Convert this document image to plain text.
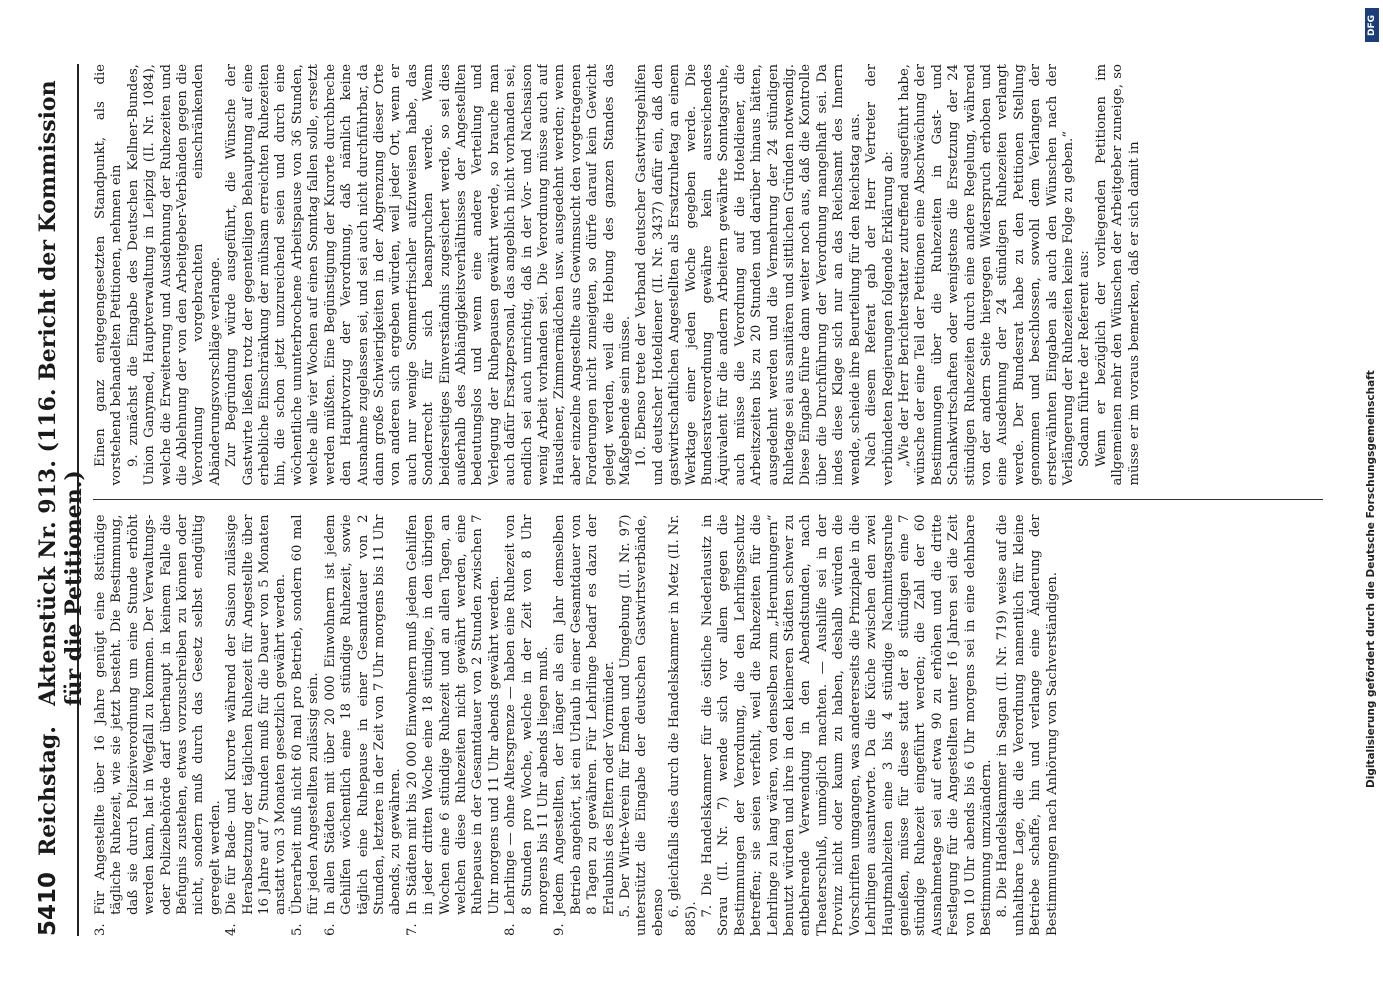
5410
Reichstag.
Aktenstück Nr. 913. (116. Bericht der Kommission für die Petitionen.)

3.
Für Angestellte über 16 Jahre genügt eine 8stündige tägliche Ruhezeit, wie sie jetzt besteht. Die Bestimmung, daß sie durch Polizeiverordnung um eine Stunde erhöht werden kann, hat in Wegfall zu kommen. Der Verwaltungs- oder Polizeibehörde darf überhaupt in keinem Falle die Befugnis zustehen, etwas vorzuschreiben zu können oder nicht, sondern muß durch das Gesetz selbst endgültig geregelt werden.

4.
Die für Bade- und Kurorte während der Saison zulässige Herabsetzung der täglichen Ruhezeit für Angestellte über 16 Jahre auf 7 Stunden muß für die Dauer von 5 Monaten anstatt von 3 Monaten gesetzlich gewährt werden.

5.
Überarbeit muß nicht 60 mal pro Betrieb, sondern 60 mal für jeden Angestellten zulässig sein.

6.
In allen Städten mit über 20 000 Einwohnern ist jedem Gehilfen wöchentlich eine 18 stündige Ruhezeit, sowie täglich eine Ruhepause in einer Gesamtdauer von 2 Stunden, letztere in der Zeit von 7 Uhr morgens bis 11 Uhr abends, zu gewähren.

7.
In Städten mit bis 20 000 Einwohnern muß jedem Gehilfen in jeder dritten Woche eine 18 stündige, in den übrigen Wochen eine 6 stündige Ruhezeit und an allen Tagen, an welchen diese Ruhezeiten nicht gewährt werden, eine Ruhepause in der Gesamtdauer von 2 Stunden zwischen 7 Uhr morgens und 11 Uhr abends gewährt werden.

8.
Lehrlinge — ohne Altersgrenze — haben eine Ruhezeit von 8 Stunden pro Woche, welche in der Zeit von 8 Uhr morgens bis 11 Uhr abends liegen muß.

9.
Jedem Angestellten, der länger als ein Jahr demselben Betrieb angehört, ist ein Urlaub in einer Gesamtdauer von 8 Tagen zu gewähren. Für Lehrlinge bedarf es dazu der Erlaubnis des Eltern oder Vormünder. 5. Der Wirte-Verein für Emden und Umgebung (II. Nr. 97) unterstützt die Eingabe der deutschen Gastwirtsverbände, ebenso 6. gleichfalls dies durch die Handelskammer in Metz (II. Nr. 885).

7. Die Handelskammer für die östliche Niederlausitz in Sorau (II. Nr. 7) wende sich vor allem gegen die Bestimmungen der Verordnung, die den Lehrlingsschutz betreffen; sie seien verfehlt, weil die Ruhezeiten für die Lehrlinge zu lang wären, von denselben zum „Herumlungern“ benutzt würden und ihre in den kleineren Städten schwer zu entbehrende Verwendung in den Abendstunden, nach Theaterschluß, unmöglich machten. — Aushilfe sei in der Provinz nicht oder kaum zu haben, deshalb würden die Vorschriften umgangen, was andererseits die Prinzipale in die Lehrlingen ausantworte. Da die Küche zwischen den zwei Hauptmahlzeiten eine 3 bis 4 stündige Nachmittagsruhe genießen, müsse für diese statt der 8 stündigen eine 7 stündige Ruhezeit eingeführt werden; die Zahl der 60 Ausnahmetage sei auf etwa 90 zu erhöhen und die dritte Festlegung für die Angestellten unter 16 Jahren sei die Zeit von 10 Uhr abends bis 6 Uhr morgens sei in eine dehnbare Bestimmung umzuändern. 8. Die Handelskammer in Sagan (II. Nr. 719) weise auf die unhaltbare Lage, die die Verordnung namentlich für kleine Betriebe schaffe, hin und verlange eine Änderung der Bestimmungen nach Anhörung von Sachverständigen.

Einen ganz entgegengesetzten Standpunkt, als die vorstehend behandelten Petitionen, nehmen ein 9. zunächst die Eingabe des Deutschen Kellner-Bundes, Union Ganymed, Hauptverwaltung in Leipzig (II. Nr. 1084), welche die Erweiterung und Ausdehnung der Ruhezeiten und die Ablehnung der von den Arbeitgeber-Verbänden gegen die Verordnung vorgebrachten einschränkenden Abänderungsvorschläge verlange. Zur Begründung würde ausgeführt, die Wünsche der Gastwirte ließen trotz der gegenteiligen Behauptung auf eine erhebliche Einschränkung der mühsam erreichten Ruhezeiten hin, die schon jetzt unzureichend seien und durch eine wöchentliche ununterbrochene Arbeitspause von 36 Stunden, welche alle vier Wochen auf einen Sonntag fallen solle, ersetzt werden müßten. Eine Begünstigung der Kurorte durchbreche den Hauptvorzug der Verordnung, daß nämlich keine Ausnahme zugelassen sei, und sei auch nicht durchführbar, da dann große Schwierigkeiten in der Abgrenzung dieser Orte von anderen sich ergeben würden, weil jeder Ort, wenn er auch nur wenige Sommerfrischler aufzuweisen habe, das Sonderrecht für sich beanspruchen werde. Wenn beiderseitiges Einverständnis zugesichert werde, so sei dies außerhalb des Abhängigkeitsverhältnisses der Angestellten bedeutungslos und wenn eine andere Verteilung und Verlegung der Ruhepausen gewährt werde, so brauche man auch dafür Ersatzpersonal, das angeblich nicht vorhanden sei, endlich sei auch unrichtig, daß in der Vor- und Nachsaison wenig Arbeit vorhanden sei. Die Verordnung müsse auch auf Hausdiener, Zimmermädchen usw. ausgedehnt werden; wenn aber einzelne Angestellte aus Gewinnsucht den vorgetragenen Forderungen nicht zuneigten, so dürfe darauf kein Gewicht gelegt werden, weil die Hebung des ganzen Standes das Maßgebende sein müsse. 10. Ebenso trete der Verband deutscher Gastwirtsgehilfen und deutscher Hoteldiener (II. Nr. 3437) dafür ein, daß den gastwirtschaftlichen Angestellten als Ersatzruhetag an einem Werktage einer jeden Woche gegeben werde. Die Bundesratsverordnung gewähre kein ausreichendes Äquivalent für die andern Arbeitern gewährte Sonntagsruhe, auch müsse die Verordnung auf die Hoteldiener, die Arbeitszeiten bis zu 20 Stunden und darüber hinaus hätten, ausgedehnt werden und die Vermehrung der 24 stündigen Ruhetage sei aus sanitären und sittlichen Gründen notwendig. Diese Eingabe führe dann weiter noch aus, daß die Kontrolle über die Durchführung der Verordnung mangelhaft sei. Da indes diese Klage sich nur an das Reichsamt des Innern wende, scheide ihre Beurteilung für den Reichstag aus. Nach diesem Referat gab der Herr Vertreter der verbündeten Regierungen folgende Erklärung ab: „Wie der Herr Berichterstatter zutreffend ausgeführt habe, wünsche der eine Teil der Petitionen eine Abschwächung der Bestimmungen über die Ruhezeiten in Gast- und Schankwirtschaften oder wenigstens die Ersetzung der 24 stündigen Ruhezeiten durch eine andere Regelung, während von der andern Seite hiergegen Widerspruch erhoben und eine Ausdehnung der 24 stündigen Ruhezeiten verlangt werde. Der Bundesrat habe zu den Petitionen Stellung genommen und beschlossen, sowohl dem Verlangen der erstervähnten Eingaben als auch den Wünschen nach der Verlängerung der Ruhezeiten keine Folge zu geben.“ Sodann führte der Referent aus: Wenn er bezüglich der vorliegenden Petitionen im allgemeinen mehr den Wünschen der Arbeitgeber zuneige, so müsse er im voraus bemerken, daß er sich damit in

DFG
Digitalisierung gefördert durch die Deutsche Forschungsgemeinschaft
